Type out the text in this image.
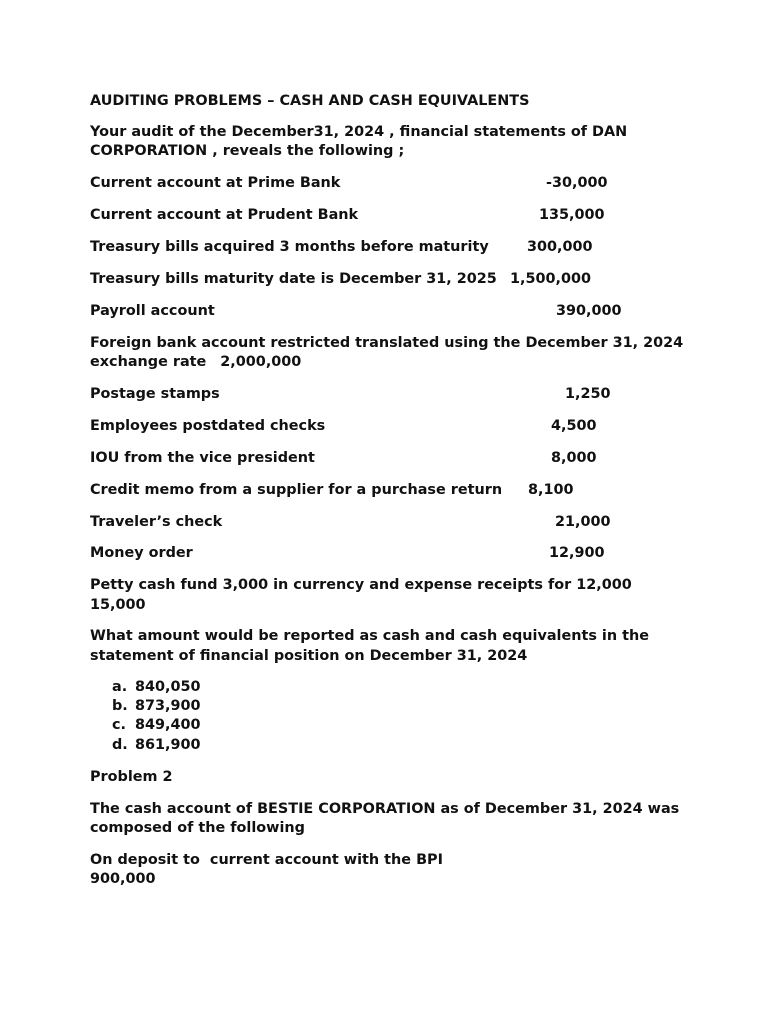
AUDITING PROBLEMS – CASH AND CASH EQUIVALENTS
Your audit of the December31, 2024 , financial statements of DAN
CORPORATION , reveals the following ;
Current account at Prime Bank	-30,000
Current account at Prudent Bank	135,000
Treasury bills acquired 3 months before maturity	300,000
Treasury bills maturity date is December 31, 2025 1,500,000
Payroll account	390,000
Foreign bank account restricted translated using the December 31, 2024
exchange rate 2,000,000
Postage stamps	1,250
Employees postdated checks	4,500
IOU from the vice president	8,000
Credit memo from a supplier for a purchase return 8,100
Traveler’s check	21,000
Money order	12,900
Petty cash fund 3,000 in currency and expense receipts for 12,000
15,000
What amount would be reported as cash and cash equivalents in the
statement of financial position on December 31, 2024
a. 840,050
b. 873,900
c. 849,400
d. 861,900
Problem 2
The cash account of BESTIE CORPORATION as of December 31, 2024 was
composed of the following
On deposit to  current account with the BPI
900,000
